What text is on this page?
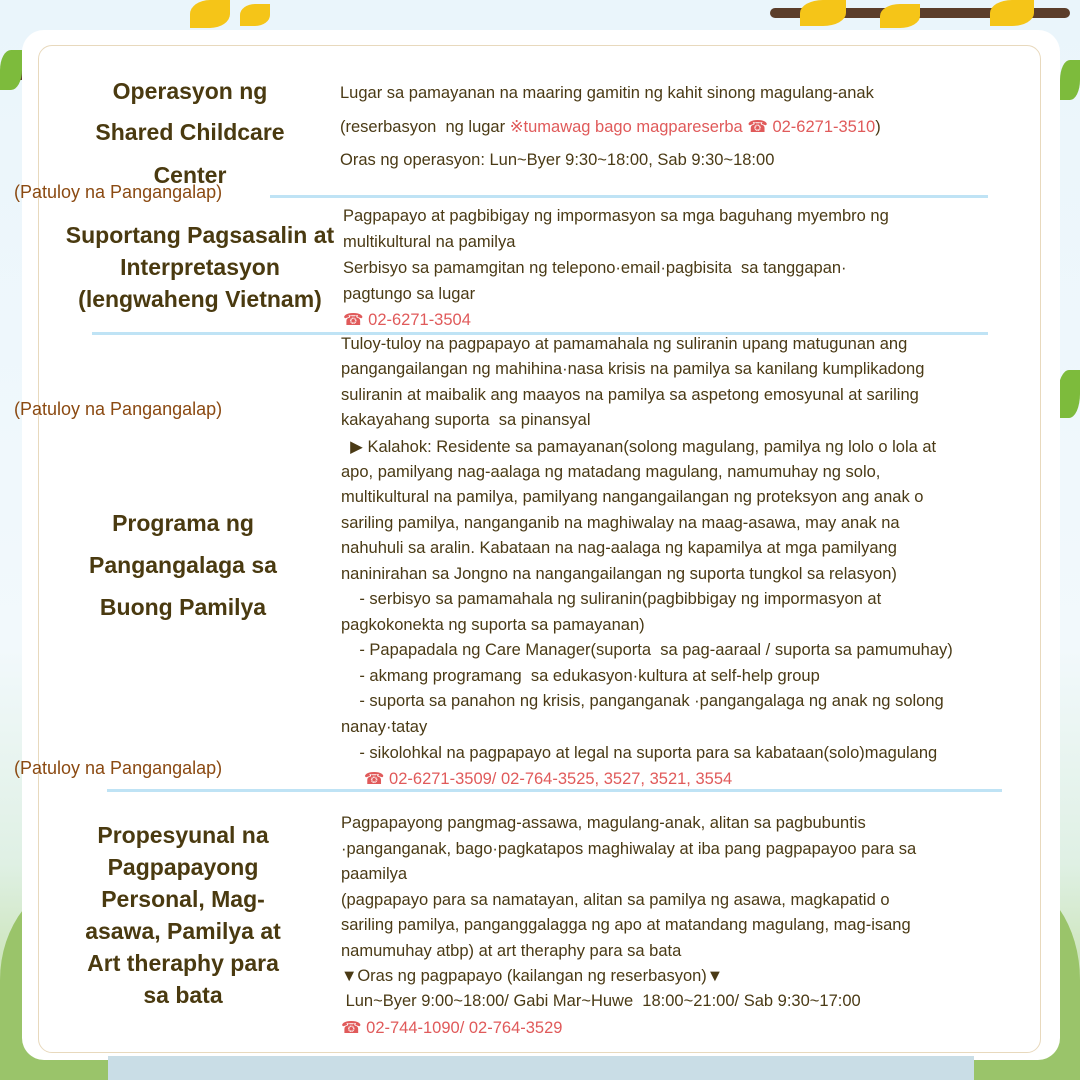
(Patuloy na Pangangalap)
(Patuloy na Pangangalap)
(Patuloy na Pangangalap)
Operasyon ng
Shared Childcare
Center
Lugar sa pamayanan na maaring gamitin ng kahit sinong magulang-anak
(reserbasyon  ng lugar ※tumawag bago magpareserba ☎ 02-6271-3510)
Oras ng operasyon: Lun~Byer 9:30~18:00, Sab 9:30~18:00
Suportang Pagsasalin at
Interpretasyon
(lengwaheng Vietnam)
Pagpapayo at pagbibigay ng impormasyon sa mga baguhang myembro ng
multikultural na pamilya
Serbisyo sa pamamgitan ng telepono·email·pagbisita  sa tanggapan·
pagtungo sa lugar
☎ 02-6271-3504
Programa ng
Pangangalaga sa
Buong Pamilya
Tuloy-tuloy na pagpapayo at pamamahala ng suliranin upang matugunan ang
pangangailangan ng mahihina·nasa krisis na pamilya sa kanilang kumplikadong
suliranin at maibalik ang maayos na pamilya sa aspetong emosyunal at sariling
kakayahang suporta  sa pinansyal
▶ Kalahok: Residente sa pamayanan(solong magulang, pamilya ng lolo o lola at
apo, pamilyang nag-aalaga ng matadang magulang, namumuhay ng solo,
multikultural na pamilya, pamilyang nangangailangan ng proteksyon ang anak o
sariling pamilya, nanganganib na maghiwalay na maag-asawa, may anak na
nahuhuli sa aralin. Kabataan na nag-aalaga ng kapamilya at mga pamilyang
naninirahan sa Jongno na nangangailangan ng suporta tungkol sa relasyon)
- serbisyo sa pamamahala ng suliranin(pagbibbigay ng impormasyon at
pagkokonekta ng suporta sa pamayanan)
- Papapadala ng Care Manager(suporta  sa pag-aaraal / suporta sa pamumuhay)
- akmang programang  sa edukasyon·kultura at self-help group
- suporta sa panahon ng krisis, panganganak ·pangangalaga ng anak ng solong
nanay·tatay
- sikolohkal na pagpapayo at legal na suporta para sa kabataan(solo)magulang
☎ 02-6271-3509/ 02-764-3525, 3527, 3521, 3554
Propesyunal na
Pagpapayong
Personal, Mag-
asawa, Pamilya at
Art theraphy para
sa bata
Pagpapayong pangmag-assawa, magulang-anak, alitan sa pagbubuntis
·panganganak, bago·pagkatapos maghiwalay at iba pang pagpapayoo para sa
paamilya
(pagpapayo para sa namatayan, alitan sa pamilya ng asawa, magkapatid o
sariling pamilya, panganggalagga ng apo at matandang magulang, mag-isang
namumuhay atbp) at art theraphy para sa bata
▼Oras ng pagpapayo (kailangan ng reserbasyon)▼
Lun~Byer 9:00~18:00/ Gabi Mar~Huwe  18:00~21:00/ Sab 9:30~17:00
☎ 02-744-1090/ 02-764-3529
